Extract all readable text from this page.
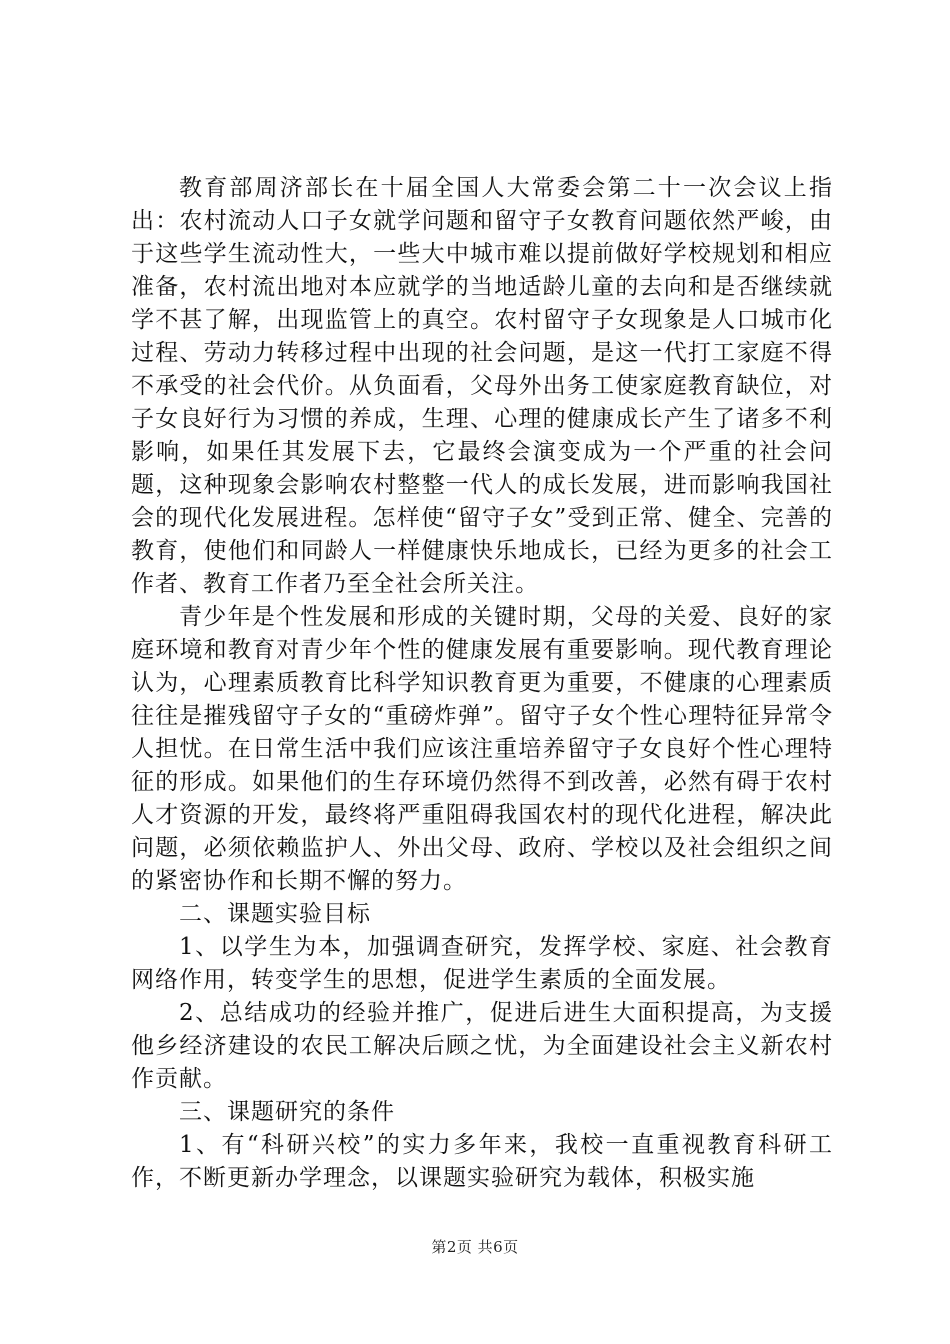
教育部周济部长在十届全国人大常委会第二十一次会议上指出：农村流动人口子女就学问题和留守子女教育问题依然严峻，由于这些学生流动性大，一些大中城市难以提前做好学校规划和相应准备，农村流出地对本应就学的当地适龄儿童的去向和是否继续就学不甚了解，出现监管上的真空。农村留守子女现象是人口城市化过程、劳动力转移过程中出现的社会问题，是这一代打工家庭不得不承受的社会代价。从负面看，父母外出务工使家庭教育缺位，对子女良好行为习惯的养成，生理、心理的健康成长产生了诸多不利影响，如果任其发展下去，它最终会演变成为一个严重的社会问题，这种现象会影响农村整整一代人的成长发展，进而影响我国社会的现代化发展进程。怎样使“留守子女”受到正常、健全、完善的教育，使他们和同龄人一样健康快乐地成长，已经为更多的社会工作者、教育工作者乃至全社会所关注。

青少年是个性发展和形成的关键时期，父母的关爱、良好的家庭环境和教育对青少年个性的健康发展有重要影响。现代教育理论认为，心理素质教育比科学知识教育更为重要，不健康的心理素质往往是摧残留守子女的“重磅炸弹”。留守子女个性心理特征异常令人担忧。在日常生活中我们应该注重培养留守子女良好个性心理特征的形成。如果他们的生存环境仍然得不到改善，必然有碍于农村人才资源的开发，最终将严重阻碍我国农村的现代化进程，解决此问题，必须依赖监护人、外出父母、政府、学校以及社会组织之间的紧密协作和长期不懈的努力。

二、课题实验目标

1、以学生为本，加强调查研究，发挥学校、家庭、社会教育网络作用，转变学生的思想，促进学生素质的全面发展。

2、总结成功的经验并推广，促进后进生大面积提高，为支援他乡经济建设的农民工解决后顾之忧，为全面建设社会主义新农村作贡献。

三、课题研究的条件

1、有“科研兴校”的实力多年来，我校一直重视教育科研工作，不断更新办学理念，以课题实验研究为载体，积极实施

第2页 共6页
